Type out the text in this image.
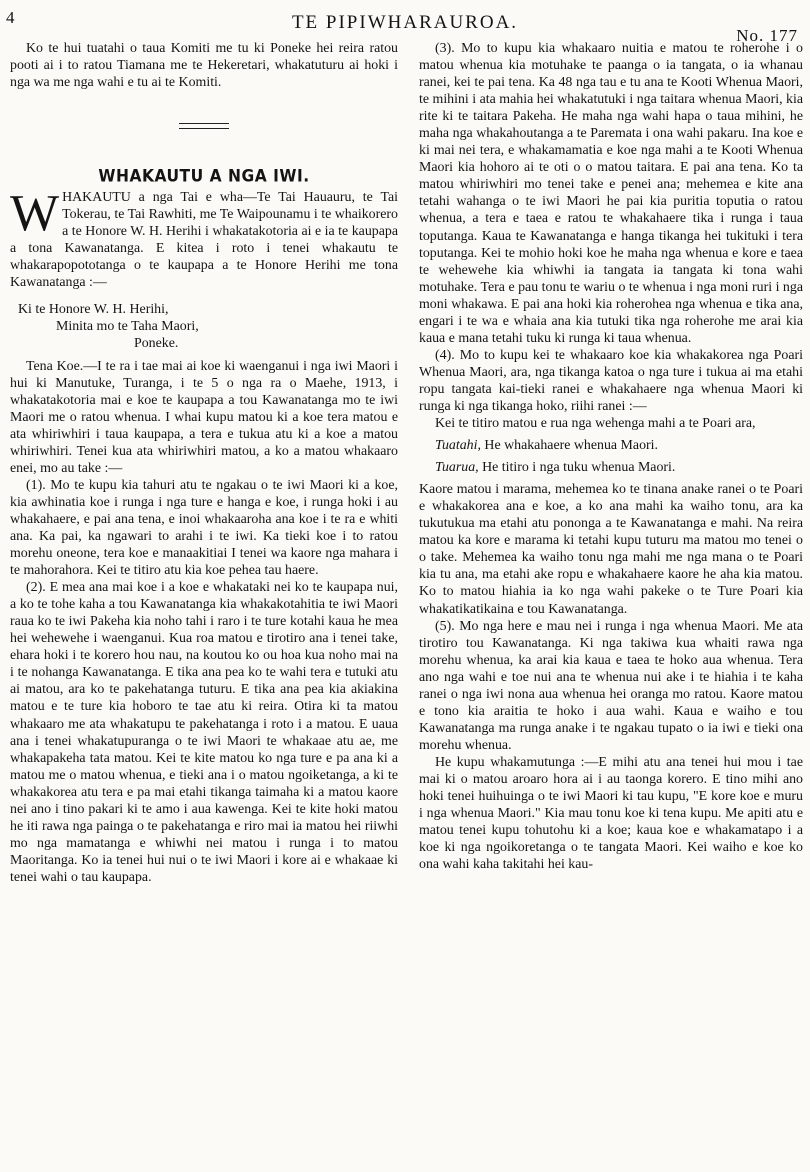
4	TE PIPIWHARAUROA.
No. 177

Ko te hui tuatahi o taua Komiti me tu ki Poneke hei reira ratou pooti ai i to ratou Tiamana me te Hekeretari, whakatuturu ai hoki i nga wa me nga wahi e tu ai te Komiti.

WHAKAUTU A NGA IWI.

WHAKAUTU a nga Tai e wha—Te Tai Hauauru, te Tai Tokerau, te Tai Rawhiti, me Te Waipounamu i te whaikorero a te Honore W. H. Herihi i whakatakotoria ai e ia te kaupapa a tona Kawanatanga. E kitea i roto i tenei whakautu te whakarapopototanga o te kaupapa a te Honore Herihi me tona Kawanatanga :—

Ki te Honore W. H. Herihi,
Minita mo te Taha Maori,
Poneke.

Tena Koe.—I te ra i tae mai ai koe ki waenganui i nga iwi Maori i hui ki Manutuke, Turanga, i te 5 o nga ra o Maehe, 1913, i whakatakotoria mai e koe te kaupapa a tou Kawanatanga mo te iwi Maori me o ratou whenua. I whai kupu matou ki a koe tera matou e ata whiriwhiri i taua kaupapa, a tera e tukua atu ki a koe a matou whiriwhiri. Tenei kua ata whiriwhiri matou, a ko a matou whakaaro enei, mo au take :—

(1). Mo te kupu kia tahuri atu te ngakau o te iwi Maori ki a koe, kia awhinatia koe i runga i nga ture e hanga e koe, i runga hoki i au whakahaere, e pai ana tena, e inoi whakaaroha ana koe i te ra e whiti ana. Ka pai, ka ngawari to arahi i te iwi. Ka tieki koe i to ratou morehu oneone, tera koe e manaakitiai I tenei wa kaore nga mahara i te mahorahora. Kei te titiro atu kia koe pehea tau haere.

(2). E mea ana mai koe i a koe e whakataki nei ko te kaupapa nui, a ko te tohe kaha a tou Kawanatanga kia whakakotahitia te iwi Maori raua ko te iwi Pakeha kia noho tahi i raro i te ture kotahi kaua he mea hei wehewehe i waenganui. Kua roa matou e tirotiro ana i tenei take, ehara hoki i te korero hou nau, na koutou ko ou hoa kua noho mai na i te nohanga Kawanatanga. E tika ana pea ko te wahi tera e tutuki atu ai matou, ara ko te pakehatanga tuturu. E tika ana pea kia akiakina matou e te ture kia hoboro te tae atu ki reira. Otira ki ta matou whakaaro me ata whakatupu te pakehatanga i roto i a matou. E uaua ana i tenei whakatupuranga o te iwi Maori te whakaae atu ae, me whakapakeha tata matou. Kei te kite matou ko nga ture e pa ana ki a matou me o matou whenua, e tieki ana i o matou ngoiketanga, a ki te whakakorea atu tera e pa mai etahi tikanga taimaha ki a matou kaore nei ano i tino pakari ki te amo i aua kawenga. Kei te kite hoki matou he iti rawa nga painga o te pakehatanga e riro mai ia matou hei riiwhi mo nga mamatanga e whiwhi nei matou i runga i to matou Maoritanga. Ko ia tenei hui nui o te iwi Maori i kore ai e whakaae ki tenei wahi o tau kaupapa.

(3). Mo to kupu kia whakaaro nuitia e matou te roherohe i o matou whenua kia motuhake te paanga o ia tangata, o ia whanau ranei, kei te pai tena. Ka 48 nga tau e tu ana te Kooti Whenua Maori, te mihini i ata mahia hei whakatutuki i nga taitara whenua Maori, kia rite ki te taitara Pakeha. He maha nga wahi hapa o taua mihini, he maha nga whakahoutanga a te Paremata i ona wahi pakaru. Ina koe e ki mai nei tera, e whakamamatia e koe nga mahi a te Kooti Whenua Maori kia hohoro ai te oti o o matou taitara. E pai ana tena. Ko ta matou whiriwhiri mo tenei take e penei ana; mehemea e kite ana tetahi wahanga o te iwi Maori he pai kia puritia toputia o ratou whenua, a tera e taea e ratou te whakahaere tika i runga i taua toputanga. Kaua te Kawanatanga e hanga tikanga hei tukituki i tera toputanga. Kei te mohio hoki koe he maha nga whenua e kore e taea te wehewehe kia whiwhi ia tangata ia tangata ki tona wahi motuhake. Tera e pau tonu te wariu o te whenua i nga moni ruri i nga moni whakawa. E pai ana hoki kia roherohea nga whenua e tika ana, engari i te wa e whaia ana kia tutuki tika nga roherohe me arai kia kaua e mana tetahi tuku ki runga ki taua whenua.

(4). Mo to kupu kei te whakaaro koe kia whakakorea nga Poari Whenua Maori, ara, nga tikanga katoa o nga ture i tukua ai ma etahi ropu tangata kai-tieki ranei e whakahaere nga whenua Maori ki runga ki nga tikanga hoko, riihi ranei :—

Kei te titiro matou e rua nga wehenga mahi a te Poari ara,

Tuatahi, He whakahaere whenua Maori.

Tuarua, He titiro i nga tuku whenua Maori.

Kaore matou i marama, mehemea ko te tinana anake ranei o te Poari e whakakorea ana e koe, a ko ana mahi ka waiho tonu, ara ka tukutukua ma etahi atu pononga a te Kawanatanga e mahi. Na reira matou ka kore e marama ki tetahi kupu tuturu ma matou mo tenei o o take. Mehemea ka waiho tonu nga mahi me nga mana o te Poari kia tu ana, ma etahi ake ropu e whakahaere kaore he aha kia matou. Ko to matou hiahia ia ko nga wahi pakeke o te Ture Poari kia whakatikatikaina e tou Kawanatanga.

(5). Mo nga here e mau nei i runga i nga whenua Maori. Me ata tirotiro tou Kawanatanga. Ki nga takiwa kua whaiti rawa nga morehu whenua, ka arai kia kaua e taea te hoko aua whenua. Tera ano nga wahi e toe nui ana te whenua nui ake i te hiahia i te kaha ranei o nga iwi nona aua whenua hei oranga mo ratou. Kaore matou e tono kia araitia te hoko i aua wahi. Kaua e waiho e tou Kawanatanga ma runga anake i te ngakau tupato o ia iwi e tieki ona morehu whenua.

He kupu whakamutunga :—E mihi atu ana tenei hui mou i tae mai ki o matou aroaro hora ai i au taonga korero. E tino mihi ano hoki tenei huihuinga o te iwi Maori ki tau kupu, "E kore koe e muru i nga whenua Maori." Kia mau tonu koe ki tena kupu. Me apiti atu e matou tenei kupu tohutohu ki a koe; kaua koe e whakamatapo i a koe ki nga ngoikoretanga o te tangata Maori. Kei waiho e koe ko ona wahi kaha takitahi hei kau-
